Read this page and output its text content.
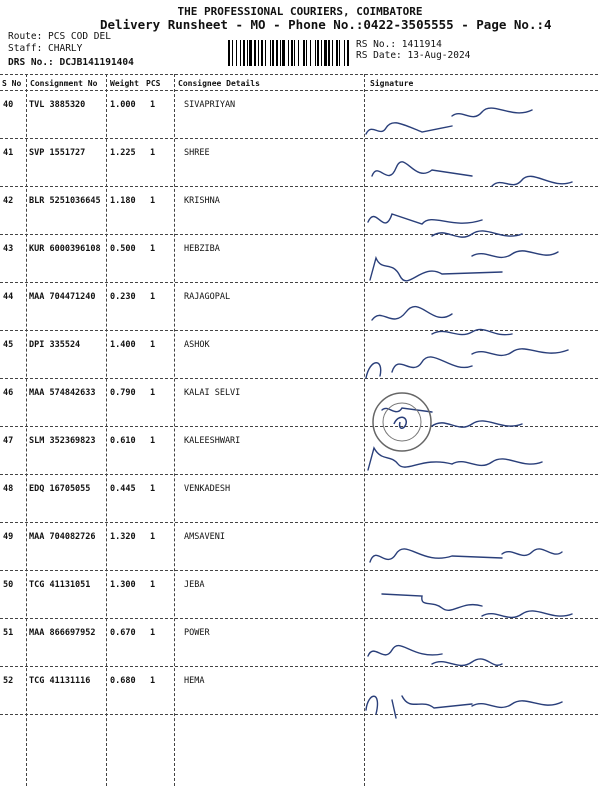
THE PROFESSIONAL COURIERS, COIMBATORE
Delivery Runsheet - MO - Phone No.:0422-3505555 - Page No.:4
Route: PCS COD DEL
Staff: CHARLY
DRS No.: DCJB141191404
RS No.: 1411914
RS Date: 13-Aug-2024
S No Consignment No Weight PCS Consignee Details	Signature
40 TVL 3885320	1.000 1	SIVAPRIYAN
41 SVP 1551727	1.225 1	SHREE
42 BLR 5251036645 1.180 1	KRISHNA
43 KUR 6000396108 0.500 1	HEBZIBA
44 MAA 704471240 0.230 1	RAJAGOPAL
45 DPI 335524	1.400 1	ASHOK
46 MAA 574842633 0.790 1	KALAI SELVI
47 SLM 352369823 0.610 1	KALEESHWARI
48 EDQ 16705055 0.445 1	VENKADESH
49 MAA 704082726 1.320 1	AMSAVENI
50 TCG 41131051 1.300 1	JEBA
51 MAA 866697952 0.670 1	POWER
52 TCG 41131116 0.680 1	HEMA
